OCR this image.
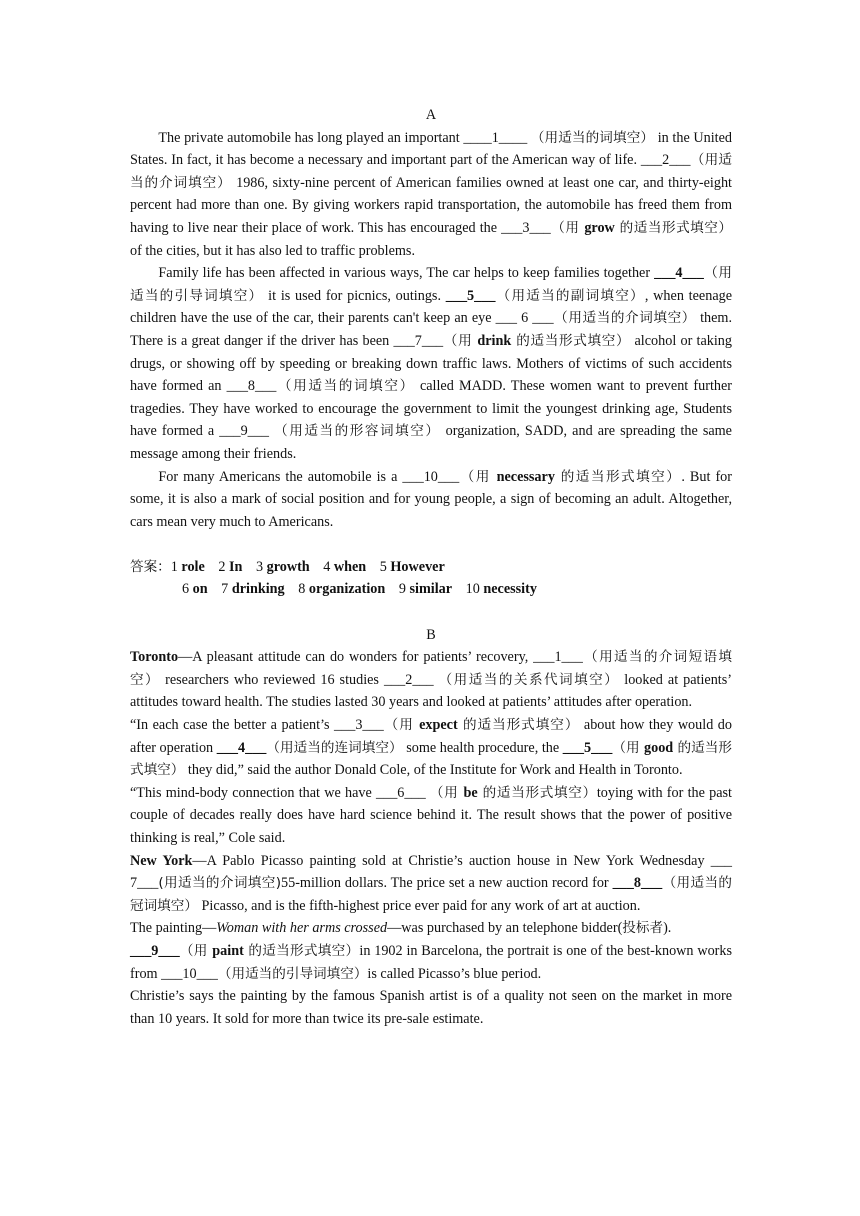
A

The private automobile has long played an important ____1____ （用适当的词填空） in the United States. In fact, it has become a necessary and important part of the American way of life. ___2___（用适当的介词填空） 1986, sixty-nine percent of American families owned at least one car, and thirty-eight percent had more than one. By giving workers rapid transportation, the automobile has freed them from having to live near their place of work. This has encouraged the ___3___（用 grow 的适当形式填空） of the cities, but it has also led to traffic problems.

Family life has been affected in various ways, The car helps to keep families together ___4___（用适当的引导词填空） it is used for picnics, outings. ___5___（用适当的副词填空）, when teenage children have the use of the car, their parents can't keep an eye ___ 6 ___（用适当的介词填空） them. There is a great danger if the driver has been ___7___（用 drink 的适当形式填空） alcohol or taking drugs, or showing off by speeding or breaking down traffic laws. Mothers of victims of such accidents have formed an ___8___（用适当的词填空） called MADD. These women want to prevent further tragedies. They have worked to encourage the government to limit the youngest drinking age, Students have formed a ___9___ （用适当的形容词填空） organization, SADD, and are spreading the same message among their friends.

For many Americans the automobile is a ___10___（用 necessary 的适当形式填空）. But for some, it is also a mark of social position and for young people, a sign of becoming an adult. Altogether, cars mean very much to Americans.

答案：1 role 2 In 3 growth 4 when 5 However
6 on 7 drinking 8 organization 9 similar 10 necessity
B

Toronto—A pleasant attitude can do wonders for patients’ recovery, ___1___（用适当的介词短语填空） researchers who reviewed 16 studies ___2___ （用适当的关系代词填空） looked at patients’ attitudes toward health. The studies lasted 30 years and looked at patients’ attitudes after operation.

“In each case the better a patient’s ___3___（用 expect 的适当形式填空） about how they would do after operation ___4___（用适当的连词填空） some health procedure, the ___5___（用 good 的适当形式填空） they did,” said the author Donald Cole, of the Institute for Work and Health in Toronto.

“This mind-body connection that we have ___6___ （用 be 的适当形式填空）toying with for the past couple of decades really does have hard science behind it. The result shows that the power of positive thinking is real,” Cole said.

New York—A Pablo Picasso painting sold at Christie’s auction house in New York Wednesday ___ 7___(用适当的介词填空)55-million dollars. The price set a new auction record for ___8___（用适当的冠词填空） Picasso, and is the fifth-highest price ever paid for any work of art at auction.

The painting—Woman with her arms crossed—was purchased by an telephone bidder(投标者).

___9___（用 paint 的适当形式填空）in 1902 in Barcelona, the portrait is one of the best-known works from ___10___（用适当的引导词填空）is called Picasso’s blue period.

Christie’s says the painting by the famous Spanish artist is of a quality not seen on the market in more than 10 years. It sold for more than twice its pre-sale estimate.
